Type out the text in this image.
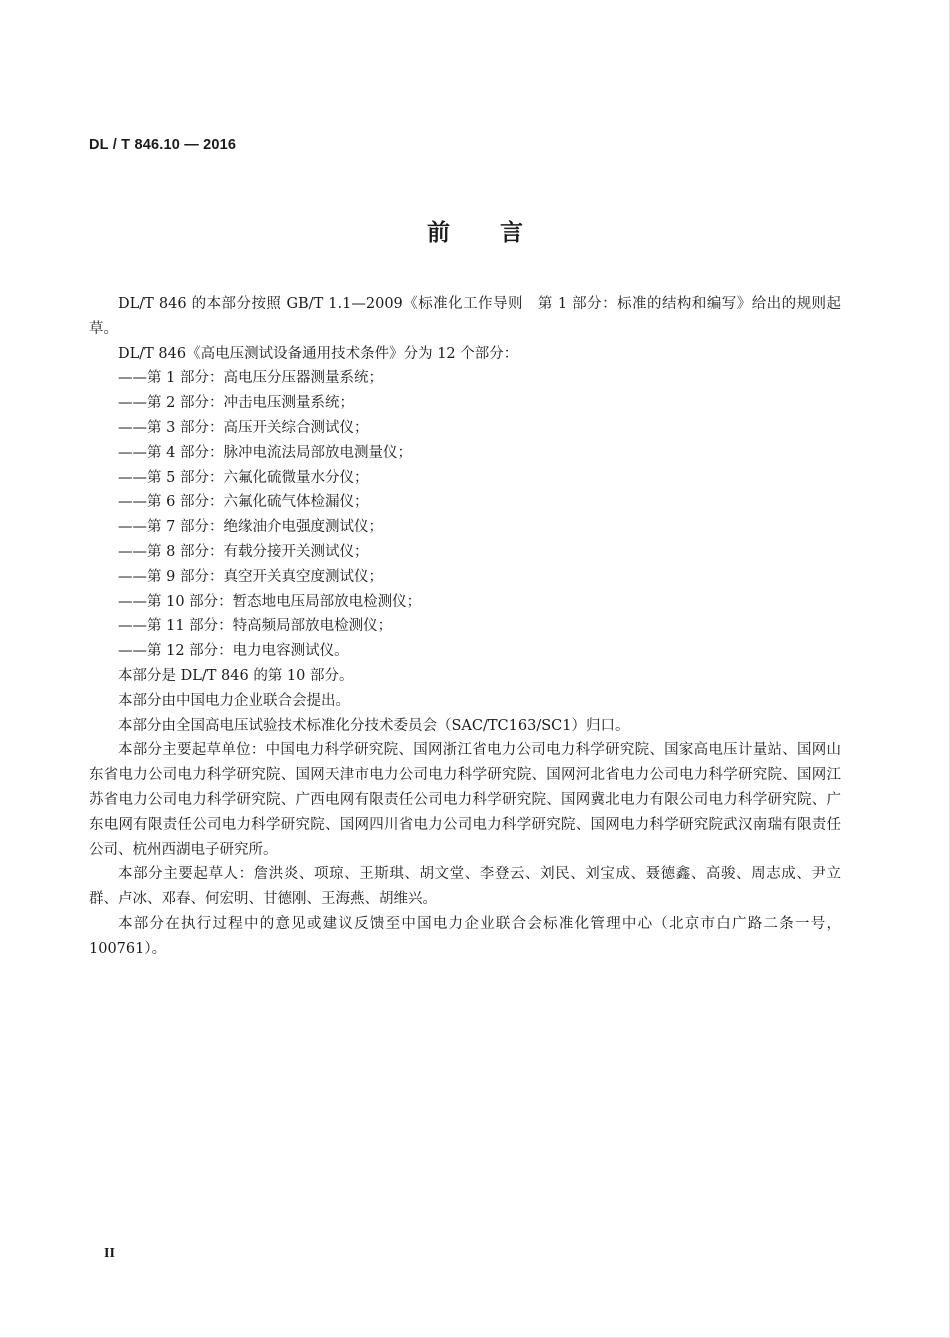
DL / T 846.10 — 2016
前 言

DL/T 846 的本部分按照 GB/T 1.1—2009《标准化工作导则　第 1 部分：标准的结构和编写》给出的规则起草。

DL/T 846《高电压测试设备通用技术条件》分为 12 个部分：

——第 1 部分：高电压分压器测量系统；
——第 2 部分：冲击电压测量系统；
——第 3 部分：高压开关综合测试仪；
——第 4 部分：脉冲电流法局部放电测量仪；
——第 5 部分：六氟化硫微量水分仪；
——第 6 部分：六氟化硫气体检漏仪；
——第 7 部分：绝缘油介电强度测试仪；
——第 8 部分：有载分接开关测试仪；
——第 9 部分：真空开关真空度测试仪；
——第 10 部分：暂态地电压局部放电检测仪；
——第 11 部分：特高频局部放电检测仪；
——第 12 部分：电力电容测试仪。

本部分是 DL/T 846 的第 10 部分。

本部分由中国电力企业联合会提出。

本部分由全国高电压试验技术标准化分技术委员会（SAC/TC163/SC1）归口。

本部分主要起草单位：中国电力科学研究院、国网浙江省电力公司电力科学研究院、国家高电压计量站、国网山东省电力公司电力科学研究院、国网天津市电力公司电力科学研究院、国网河北省电力公司电力科学研究院、国网江苏省电力公司电力科学研究院、广西电网有限责任公司电力科学研究院、国网冀北电力有限公司电力科学研究院、广东电网有限责任公司电力科学研究院、国网四川省电力公司电力科学研究院、国网电力科学研究院武汉南瑞有限责任公司、杭州西湖电子研究所。

本部分主要起草人：詹洪炎、项琼、王斯琪、胡文堂、李登云、刘民、刘宝成、聂德鑫、高骏、周志成、尹立群、卢冰、邓春、何宏明、甘德刚、王海燕、胡维兴。

本部分在执行过程中的意见或建议反馈至中国电力企业联合会标准化管理中心（北京市白广路二条一号，100761）。

II
